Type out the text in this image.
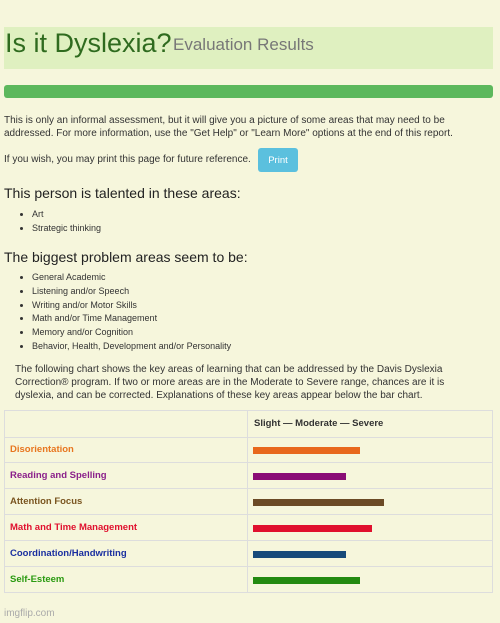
Is it Dyslexia? Evaluation Results
This is only an informal assessment, but it will give you a picture of some areas that may need to be addressed. For more information, use the "Get Help" or "Learn More" options at the end of this report.
If you wish, you may print this page for future reference.	Print
This person is talented in these areas:
• Art
• Strategic thinking
The biggest problem areas seem to be:
• General Academic
• Listening and/or Speech
• Writing and/or Motor Skills
• Math and/or Time Management
• Memory and/or Cognition
• Behavior, Health, Development and/or Personality
The following chart shows the key areas of learning that can be addressed by the Davis Dyslexia Correction® program. If two or more areas are in the Moderate to Severe range, chances are it is dyslexia, and can be corrected. Explanations of these key areas appear below the bar chart.
Slight — Moderate — Severe
Disorientation
Reading and Spelling
Attention Focus
Math and Time Management
Coordination/Handwriting
Self-Esteem
imgflip.com
